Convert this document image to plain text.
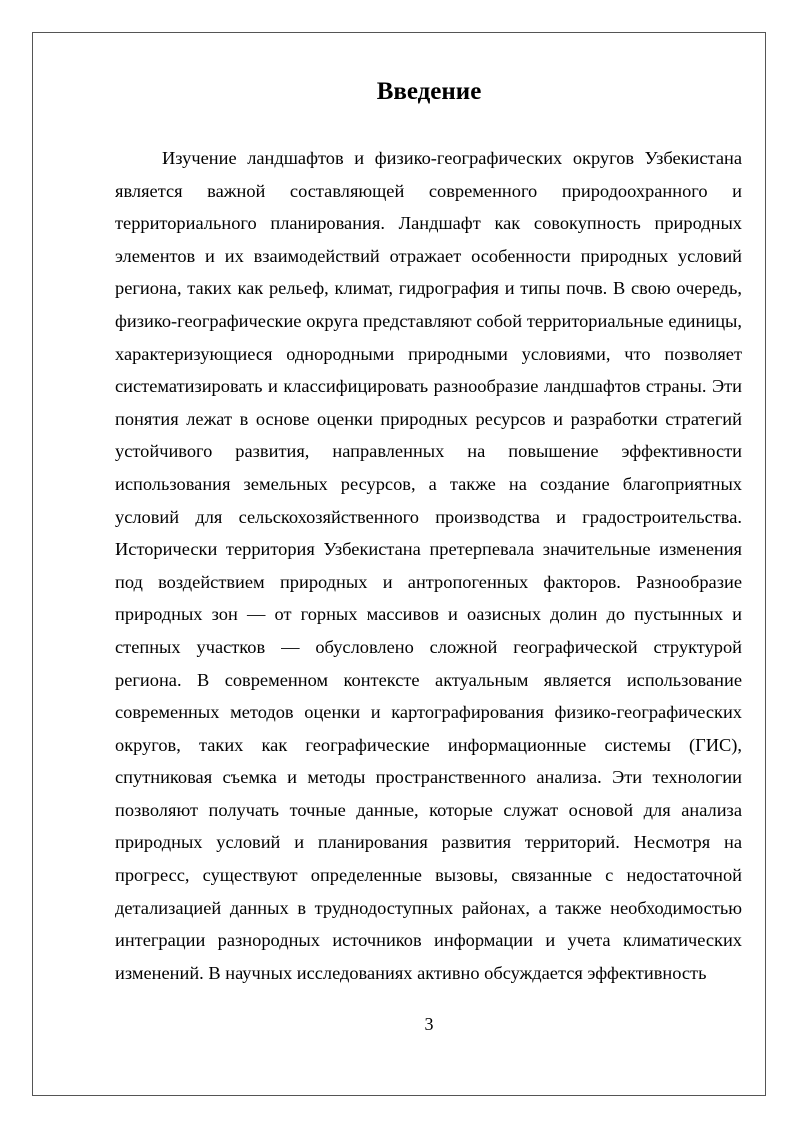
Введение

Изучение ландшафтов и физико-географических округов Узбекистана является важной составляющей современного природоохранного и территориального планирования. Ландшафт как совокупность природных элементов и их взаимодействий отражает особенности природных условий региона, таких как рельеф, климат, гидрография и типы почв. В свою очередь, физико-географические округа представляют собой территориальные единицы, характеризующиеся однородными природными условиями, что позволяет систематизировать и классифицировать разнообразие ландшафтов страны. Эти понятия лежат в основе оценки природных ресурсов и разработки стратегий устойчивого развития, направленных на повышение эффективности использования земельных ресурсов, а также на создание благоприятных условий для сельскохозяйственного производства и градостроительства. Исторически территория Узбекистана претерпевала значительные изменения под воздействием природных и антропогенных факторов. Разнообразие природных зон — от горных массивов и оазисных долин до пустынных и степных участков — обусловлено сложной географической структурой региона. В современном контексте актуальным является использование современных методов оценки и картографирования физико-географических округов, таких как географические информационные системы (ГИС), спутниковая съемка и методы пространственного анализа. Эти технологии позволяют получать точные данные, которые служат основой для анализа природных условий и планирования развития территорий. Несмотря на прогресс, существуют определенные вызовы, связанные с недостаточной детализацией данных в труднодоступных районах, а также необходимостью интеграции разнородных источников информации и учета климатических изменений. В научных исследованиях активно обсуждается эффективность

3
